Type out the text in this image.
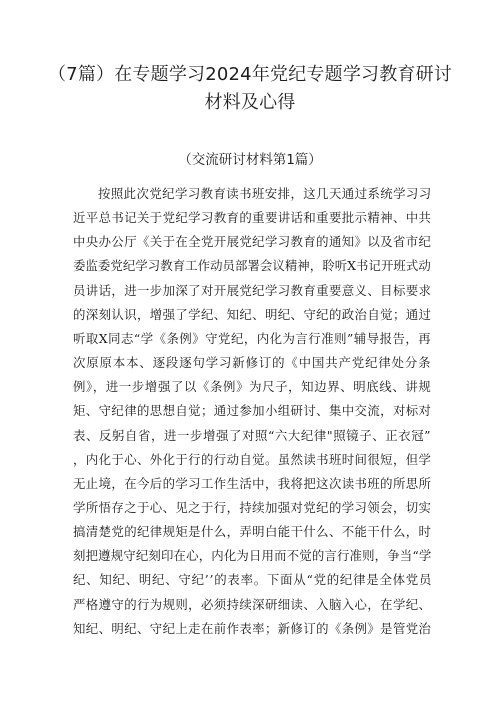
（7篇）在专题学习2024年党纪专题学习教育研讨
材料及心得
（交流研讨材料第1篇）
按照此次党纪学习教育读书班安排，这几天通过系统学习习
近平总书记关于党纪学习教育的重要讲话和重要批示精神、中共
中央办公厅《关于在全党开展党纪学习教育的通知》以及省市纪
委监委党纪学习教育工作动员部署会议精神，聆听X书记开班式动
员讲话，进一步加深了对开展党纪学习教育重要意义、目标要求
的深刻认识，增强了学纪、知纪、明纪、守纪的政治自觉；通过
听取X同志“学《条例》守党纪，内化为言行准则”辅导报告，再
次原原本本、逐段逐句学习新修订的《中国共产党纪律处分条
例》，进一步增强了以《条例》为尺子，知边界、明底线、讲规
矩、守纪律的思想自觉；通过参加小组研讨、集中交流，对标对
表、反躬自省，进一步增强了对照“六大纪律"照镜子、正衣冠”
，内化于心、外化于行的行动自觉。虽然读书班时间很短，但学
无止境，在今后的学习工作生活中，我将把这次读书班的所思所
学所悟存之于心、见之于行，持续加强对党纪的学习领会，切实
搞清楚党的纪律规矩是什么，弄明白能干什么、不能干什么，时
刻把遵规守纪刻印在心，内化为日用而不觉的言行准则，争当“学
纪、知纪、明纪、守纪’’的表率。下面从“党的纪律是全体党员
严格遵守的行为规则，必须持续深研细读、入脑入心，在学纪、
知纪、明纪、守纪上走在前作表率；新修订的《条例》是管党治
